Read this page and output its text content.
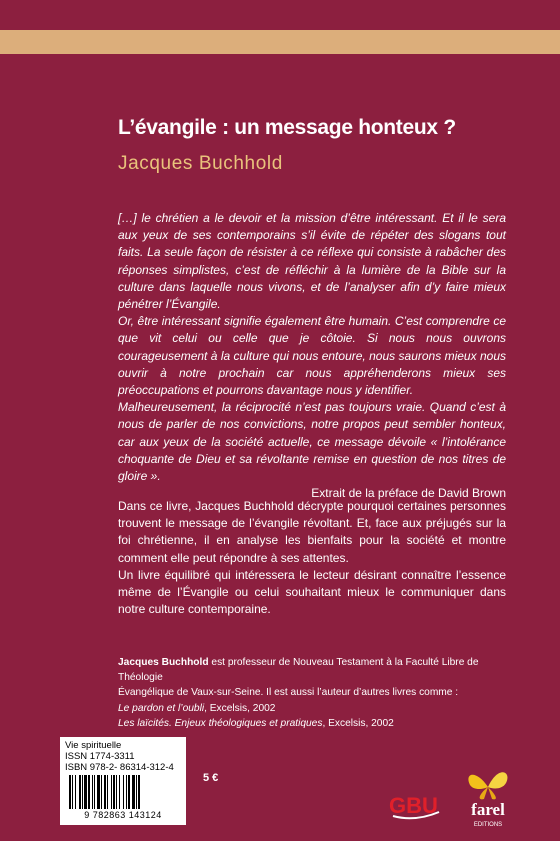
L’évangile : un message honteux ?
Jacques Buchhold

[…] le chrétien a le devoir et la mission d’être intéressant. Et il le sera aux yeux de ses contemporains s’il évite de répéter des slogans tout faits. La seule façon de résister à ce réflexe qui consiste à rabâcher des réponses simplistes, c’est de réfléchir à la lumière de la Bible sur la culture dans laquelle nous vivons, et de l’analyser afin d’y faire mieux pénétrer l’Évangile.

Or, être intéressant signifie également être humain. C’est comprendre ce que vit celui ou celle que je côtoie. Si nous nous ouvrons courageusement à la culture qui nous entoure, nous saurons mieux nous ouvrir à notre prochain car nous appréhenderons mieux ses préoccupations et pourrons davantage nous y identifier.

Malheureusement, la réciprocité n’est pas toujours vraie. Quand c’est à nous de parler de nos convictions, notre propos peut sembler honteux, car aux yeux de la société actuelle, ce message dévoile « l’intolérance choquante de Dieu et sa révoltante remise en question de nos titres de gloire ».

Extrait de la préface de David Brown

Dans ce livre, Jacques Buchhold décrypte pourquoi certaines personnes trouvent le message de l’évangile révoltant. Et, face aux préjugés sur la foi chrétienne, il en analyse les bienfaits pour la société et montre comment elle peut répondre à ses attentes.

Un livre équilibré qui intéressera le lecteur désirant connaître l’essence même de l’Évangile ou celui souhaitant mieux le communiquer dans notre culture contemporaine.

Jacques Buchhold est professeur de Nouveau Testament à la Faculté Libre de Théologie

Évangélique de Vaux-sur-Seine. Il est aussi l’auteur d’autres livres comme :

Le pardon et l’oubli, Excelsis, 2002

Les laïcités. Enjeux théologiques et pratiques, Excelsis, 2002

Vie spirituelle
ISSN 1774-3311
ISBN 978-2- 86314-312-4
9 782863 143124
5 €
GBU farel
EDITIONS
